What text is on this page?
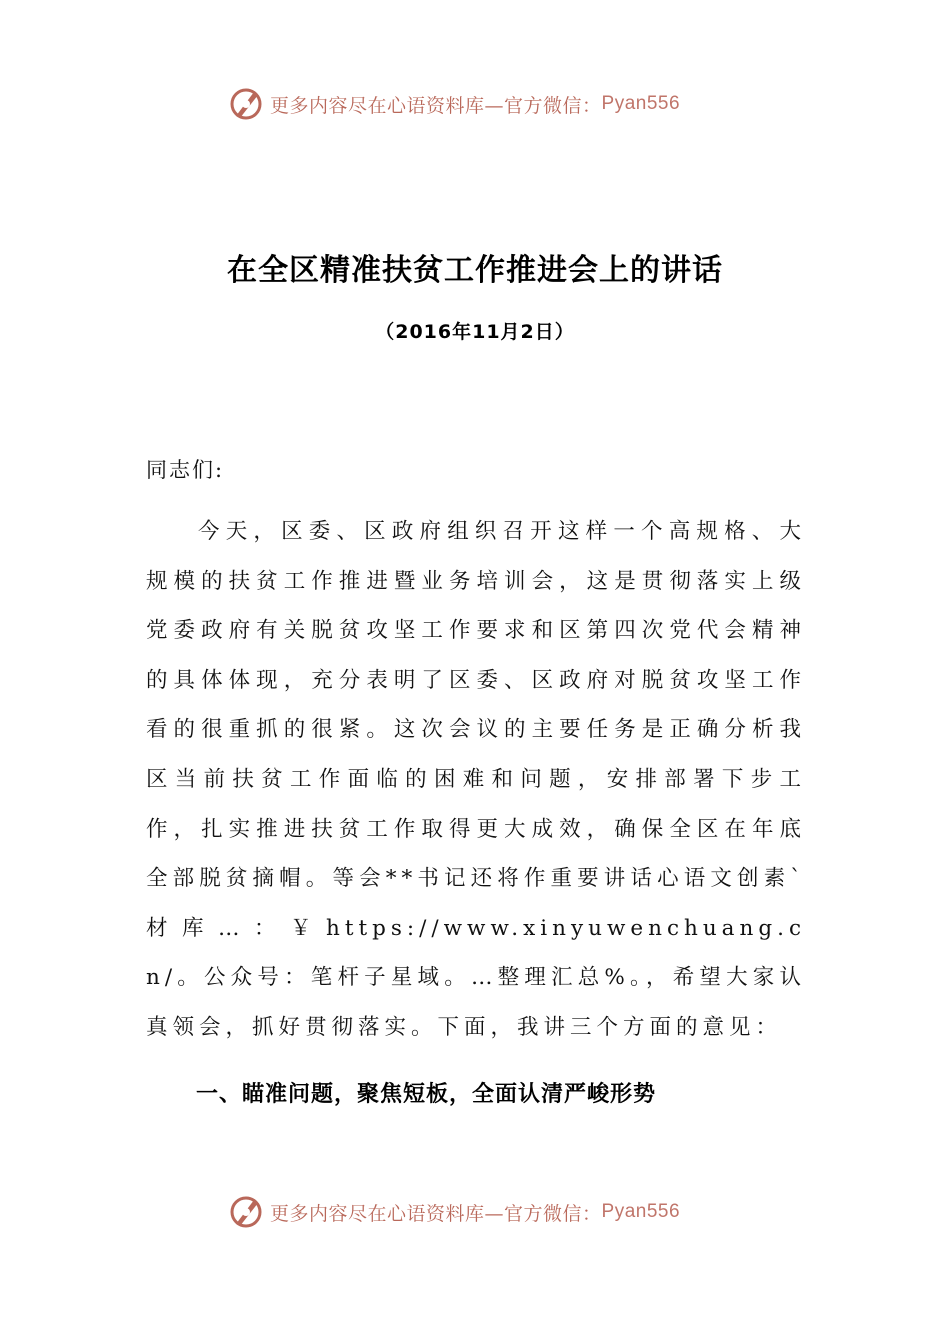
更多内容尽在心语资料库—官方微信： Pyan556
在全区精准扶贫工作推进会上的讲话
（2016年11月2日）
同志们:
今天，区委、区政府组织召开这样一个高规格、大规模的扶贫工作推进暨业务培训会，这是贯彻落实上级党委政府有关脱贫攻坚工作要求和区第四次党代会精神的具体体现，充分表明了区委、区政府对脱贫攻坚工作看的很重抓的很紧。这次会议的主要任务是正确分析我区当前扶贫工作面临的困难和问题，安排部署下步工作，扎实推进扶贫工作取得更大成效，确保全区在年底全部脱贫摘帽。等会**书记还将作重要讲话心语文创素`材库…：￥https://www.xinyuwenchuang.cn/。公众号：笔杆子星域。…整理汇总%。，希望大家认真领会，抓好贯彻落实。下面，我讲三个方面的意见：
一、瞄准问题，聚焦短板，全面认清严峻形势
更多内容尽在心语资料库—官方微信： Pyan556
